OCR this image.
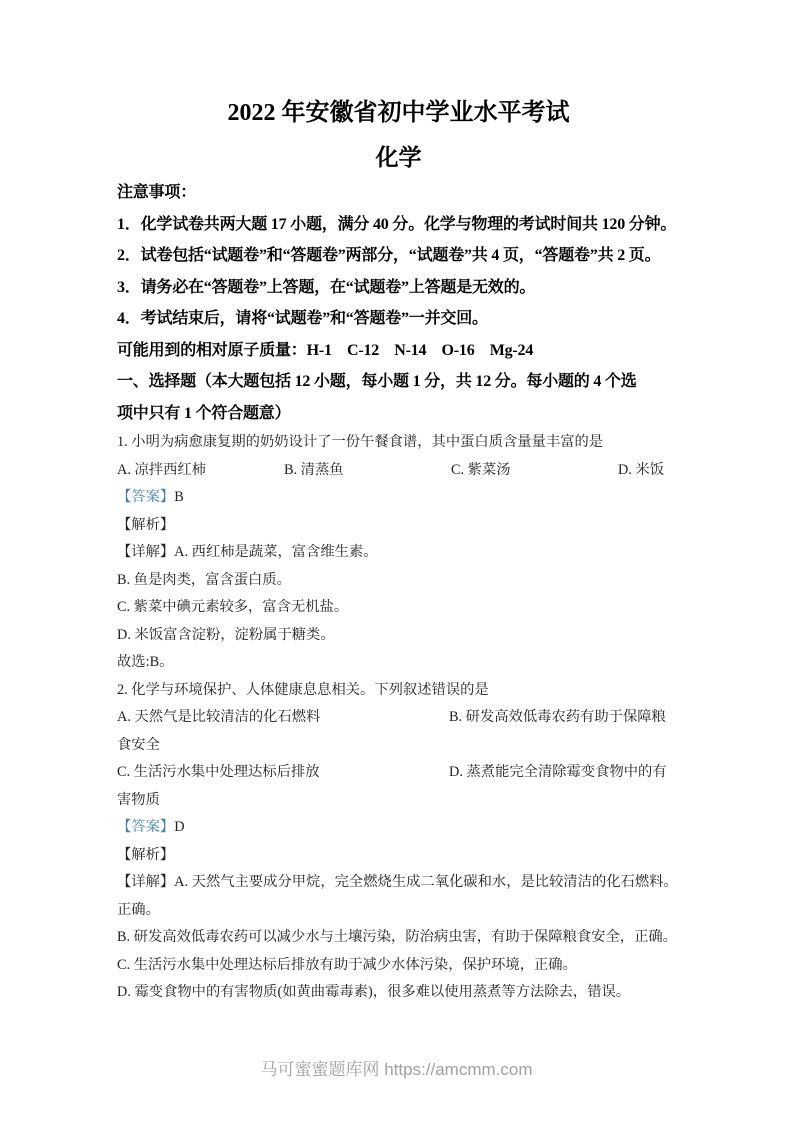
2022 年安徽省初中学业水平考试
化学

注意事项：

1．化学试卷共两大题 17 小题，满分 40 分。化学与物理的考试时间共 120 分钟。

2．试卷包括“试题卷”和“答题卷”两部分，“试题卷”共 4 页，“答题卷”共 2 页。

3．请务必在“答题卷”上答题，在“试题卷”上答题是无效的。

4．考试结束后，请将“试题卷”和“答题卷”一并交回。

可能用到的相对原子质量：H-1    C-12    N-14    O-16    Mg-24

一、选择题（本大题包括 12 小题，每小题 1 分，共 12 分。每小题的 4 个选项中只有 1 个符合题意）

1. 小明为病愈康复期的奶奶设计了一份午餐食谱，其中蛋白质含量量丰富的是

A. 凉拌西红柿	B. 清蒸鱼	C. 紫菜汤	D. 米饭

【答案】B

【解析】

【详解】A. 西红柿是蔬菜，富含维生素。

B. 鱼是肉类，富含蛋白质。

C. 紫菜中碘元素较多，富含无机盐。

D. 米饭富含淀粉，淀粉属于糖类。

故选:B。

2. 化学与环境保护、人体健康息息相关。下列叙述错误的是

A. 天然气是比较清洁的化石燃料	B. 研发高效低毒农药有助于保障粮食安全

C. 生活污水集中处理达标后排放	D. 蒸煮能完全清除霉变食物中的有害物质

【答案】D

【解析】

【详解】A. 天然气主要成分甲烷，完全燃烧生成二氧化碳和水，是比较清洁的化石燃料。正确。

B. 研发高效低毒农药可以减少水与土壤污染，防治病虫害，有助于保障粮食安全，正确。

C. 生活污水集中处理达标后排放有助于减少水体污染，保护环境，正确。

D. 霉变食物中的有害物质(如黄曲霉毒素)，很多难以使用蒸煮等方法除去，错误。

马可蜜蜜题库网 https://amcmm.com
